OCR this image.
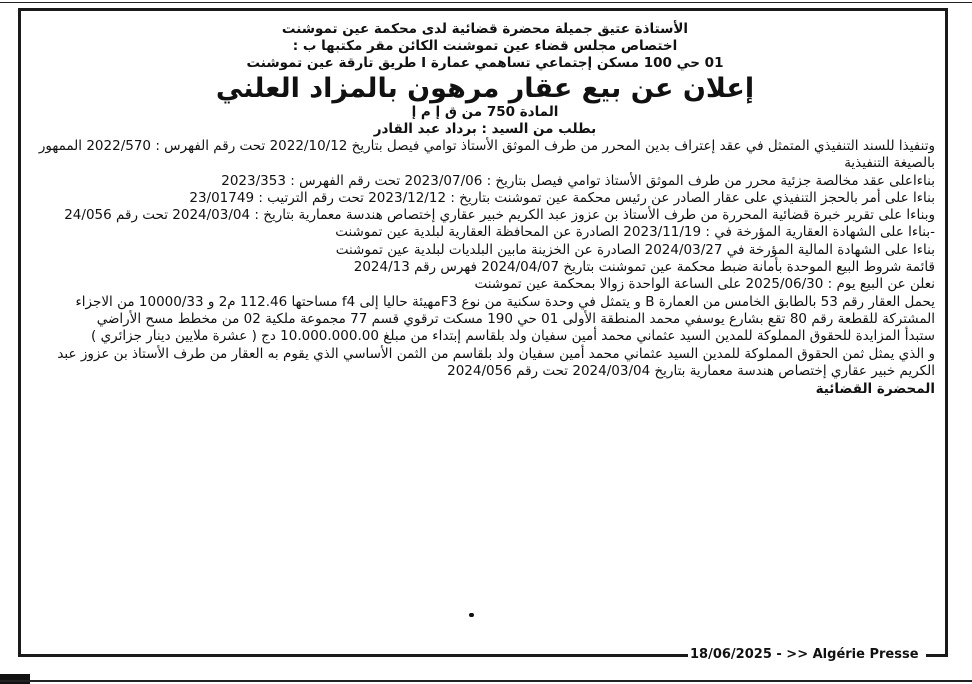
الأستاذة عتيق جميلة محضرة قضائية لدى محكمة عين تموشنت
اختصاص مجلس قضاء عين تموشنت الكائن مقر مكتبها ب :
01 حي 100 مسكن إجتماعي تساهمي عمارة I طريق تارقة عين تموشنت
إعلان عن بيع عقار مرهون بالمزاد العلني
المادة 750 من ق إ م إ
بطلب من السيد : برداد عبد القادر

وتنفيذا للسند التنفيذي المتمثل في عقد إعتراف بدين المحرر من طرف الموثق الأستاذ توامي فيصل بتاريخ 2022/10/12 تحت رقم الفهرس : 2022/570 الممهور بالصيغة التنفيذية

بناءاعلى عقد مخالصة جزئية محرر من طرف الموثق الأستاذ توامي فيصل بتاريخ : 2023/07/06 تحت رقم الفهرس : 2023/353

بناءا على أمر بالحجز التنفيذي على عقار الصادر عن رئيس محكمة عين تموشنت بتاريخ : 2023/12/12 تحت رقم الترتيب : 23/01749

وبناءا على تقرير خبرة قضائية المحررة من طرف الأستاذ بن عزوز عبد الكريم خبير عقاري إختصاص هندسة معمارية بتاريخ : 2024/03/04 تحت رقم 24/056

-بناءا على الشهادة العقارية المؤرخة في : 2023/11/19 الصادرة عن المحافظة العقارية لبلدية عين تموشنت

بناءا على الشهادة المالية المؤرخة في 2024/03/27 الصادرة عن الخزينة مابين البلديات لبلدية عين تموشنت

قائمة شروط البيع الموحدة بأمانة ضبط محكمة عين تموشنت بتاريخ 2024/04/07 فهرس رقم 2024/13

نعلن عن البيع يوم : 2025/06/30 على الساعة الواحدة زوالا بمحكمة عين تموشنت

يحمل العقار رقم 53 بالطابق الخامس من العمارة B و يتمثل في وحدة سكنية من نوع F3مهيئة حاليا إلى f4 مساحتها 112.46 م2 و 10000/33 من الاجزاء المشتركة للقطعة رقم 80 تقع بشارع يوسفي محمد المنطقة الأولى 01 حي 190 مسكت ترقوي قسم 77 مجموعة ملكية 02 من مخطط مسح الأراضي

ستبدأ المزايدة للحقوق المملوكة للمدين السيد عثماني محمد أمين سفيان ولد بلقاسم إبتداء من مبلغ 10.000.000.00 دج ( عشرة ملايين دينار جزائري )

و الذي يمثل ثمن الحقوق المملوكة للمدين السيد عثماني محمد أمين سفيان ولد بلقاسم من الثمن الأساسي الذي يقوم به العقار من طرف الأستاذ بن عزوز عبد الكريم خبير عقاري إختصاص هندسة معمارية بتاريخ 2024/03/04 تحت رقم 2024/056

المحضرة القضائية
18/06/2025 - >> Algérie Presse
